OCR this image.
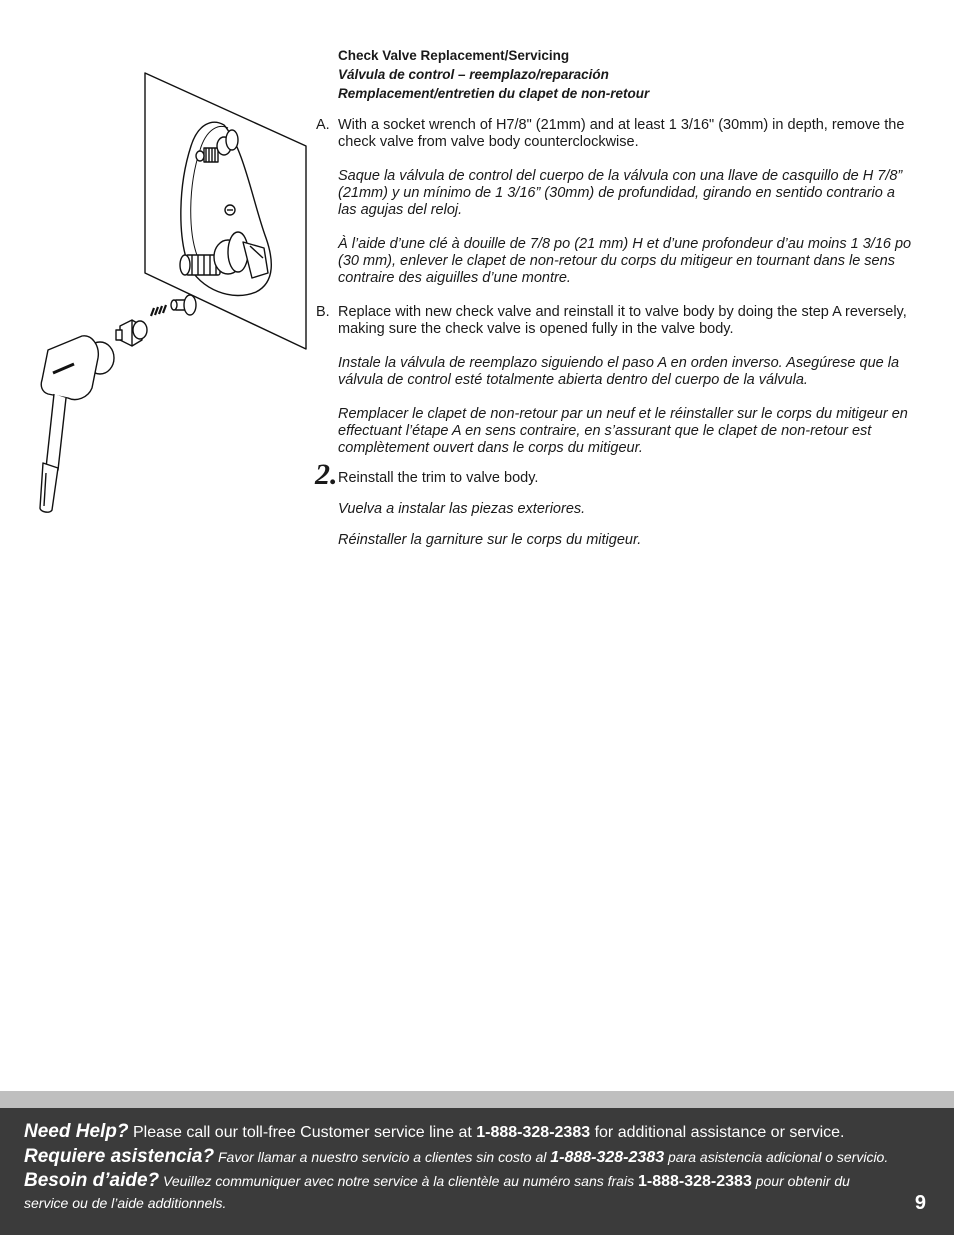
Check Valve Replacement/Servicing
Válvula de control – reemplazo/reparación
Remplacement/entretien du clapet de non-retour
A. With a socket wrench of H7/8" (21mm) and at least 1 3/16" (30mm) in depth, remove the check valve from valve body counterclockwise.

Saque la válvula de control del cuerpo de la válvula con una llave de casquillo de H 7/8” (21mm) y un mínimo de 1 3/16” (30mm) de profundidad, girando en sentido contrario a las agujas del reloj.

À l’aide d’une clé à douille de 7/8 po (21 mm) H et d’une profondeur d’au moins 1 3/16 po (30 mm), enlever le clapet de non-retour du corps du mitigeur en tournant dans le sens contraire des aiguilles d’une montre.

B. Replace with new check valve and reinstall it to valve body by doing the step A reversely, making sure the check valve is opened fully in the valve body.

Instale la válvula de reemplazo siguiendo el paso A en orden inverso. Asegúrese que la válvula de control esté totalmente abierta dentro del cuerpo de la válvula.

Remplacer le clapet de non-retour par un neuf et le réinstaller sur le corps du mitigeur en effectuant l’étape A en sens contraire, en s’assurant que le clapet de non-retour est complètement ouvert dans le corps du mitigeur.

2. Reinstall the trim to valve body.

Vuelva a instalar las piezas exteriores.

Réinstaller la garniture sur le corps du mitigeur.

Need Help? Please call our toll-free Customer service line at 1-888-328-2383 for additional assistance or service.
Requiere asistencia? Favor llamar a nuestro servicio a clientes sin costo al 1-888-328-2383 para asistencia adicional o servicio.
Besoin d’aide? Veuillez communiquer avec notre service à la clientèle au numéro sans frais 1-888-328-2383 pour obtenir du
service ou de l’aide additionnels.	9
